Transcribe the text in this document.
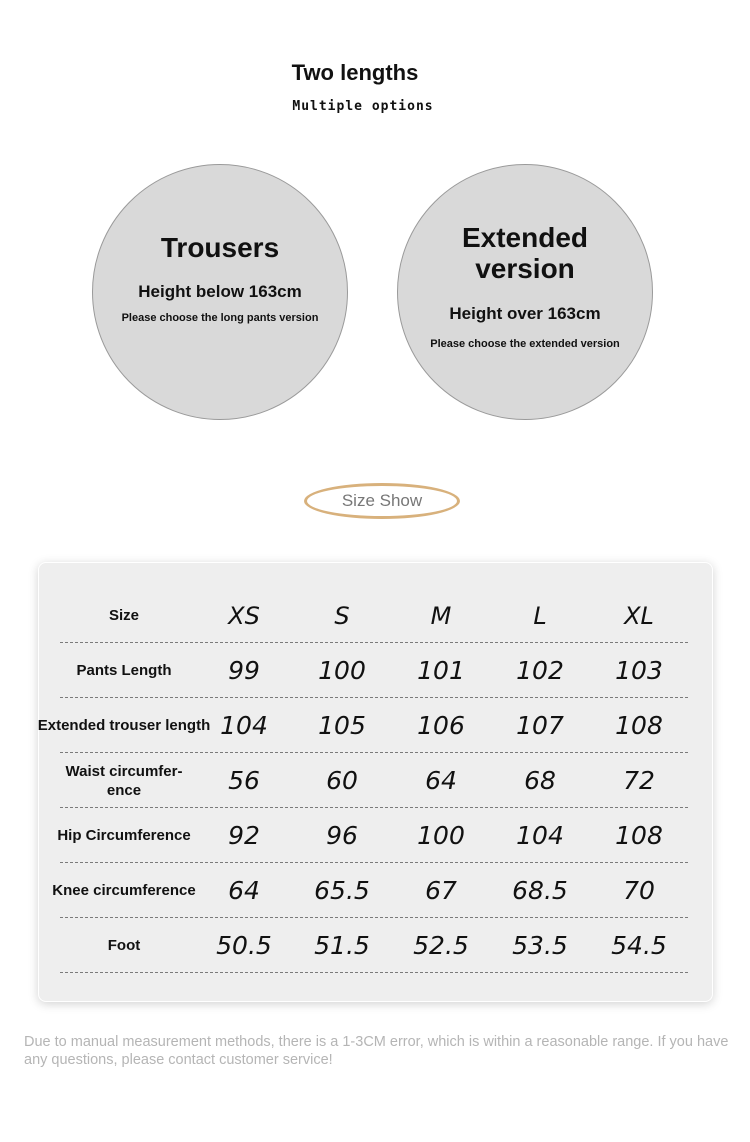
Two lengths
Multiple options
Trousers
Height below 163cm
Please choose the long pants version
Extended
version
Height over 163cm
Please choose the extended version
Size Show
Size	XS	S	M	L	XL
Pants Length	99	100	101	102	103
Extended trouser length 104	105	106	107	108
Waist circumfer-
ence	56	60	64	68	72
Hip Circumference	92	96	100	104	108
Knee circumference	64	65.5	67	68.5	70
Foot	50.5	51.5	52.5	53.5	54.5
Due to manual measurement methods, there is a 1-3CM error, which is within a reasonable range. If you have any questions, please contact customer service!
